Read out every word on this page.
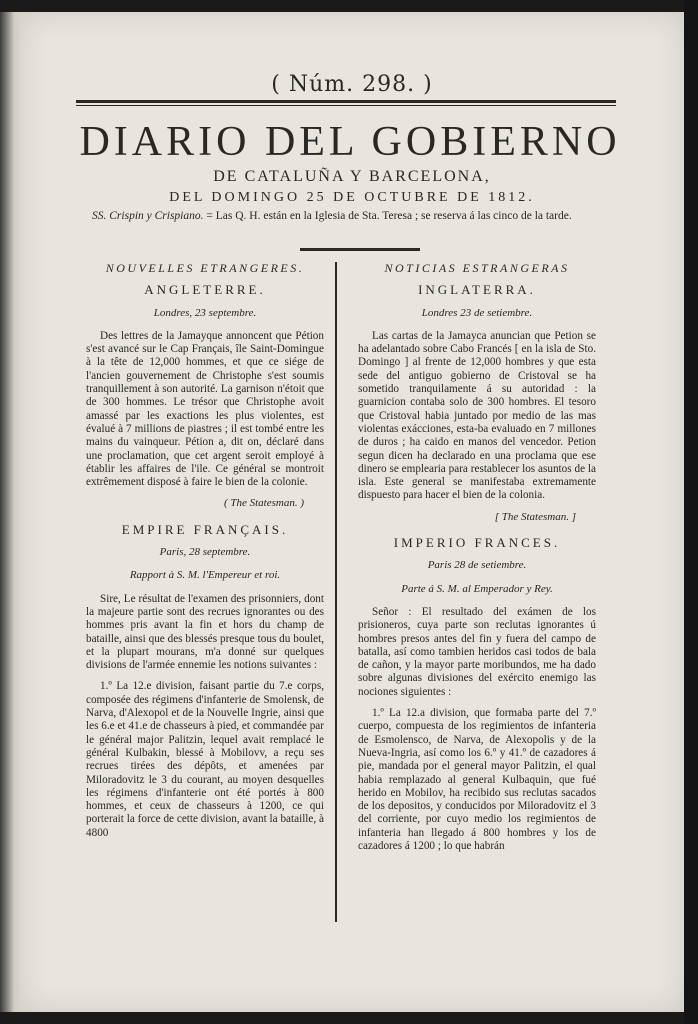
( Núm. 298. )
DIARIO DEL GOBIERNO
DE CATALUÑA Y BARCELONA,
DEL DOMINGO 25 DE OCTUBRE DE 1812.
SS. Crispin y Crispiano. = Las Q. H. están en la Iglesia de Sta. Teresa ; se reserva á las cinco de la tarde.
NOUVELLES ETRANGERES.
ANGLETERRE.
Londres, 23 septembre.

Des lettres de la Jamayque annoncent que Pétion s'est avancé sur le Cap Français, île Saint-Domingue à la tête de 12,000 hommes, et que ce siége de l'ancien gouvernement de Christophe s'est soumis tranquillement à son autorité. La garnison n'étoit que de 300 hommes. Le trésor que Christophe avoit amassé par les exactions les plus violentes, est évalué à 7 millions de piastres ; il est tombé entre les mains du vainqueur. Pétion a, dit on, déclaré dans une proclamation, que cet argent seroit employé à établir les affaires de l'ile. Ce général se montroit extrêmement disposé à faire le bien de la colonie.

( The Statesman. )
EMPIRE FRANÇAIS.
Paris, 28 septembre.
Rapport à S. M. l'Empereur et roi.

Sire, Le résultat de l'examen des prisonniers, dont la majeure partie sont des recrues ignorantes ou des hommes pris avant la fin et hors du champ de bataille, ainsi que des blessés presque tous du boulet, et la plupart mourans, m'a donné sur quelques divisions de l'armée ennemie les notions suivantes :

1.º La 12.e division, faisant partie du 7.e corps, composée des régimens d'infanterie de Smolensk, de Narva, d'Alexopol et de la Nouvelle Ingrie, ainsi que les 6.e et 41.e de chasseurs à pied, et commandée par le général major Palitzin, lequel avait remplacé le général Kulbakin, blessé à Mobilovv, a reçu ses recrues tirées des dépôts, et amenées par Miloradovitz le 3 du courant, au moyen desquelles les régimens d'infanterie ont été portés à 800 hommes, et ceux de chasseurs à 1200, ce qui porterait la force de cette division, avant la bataille, à 4800

NOTICIAS ESTRANGERAS
INGLATERRA.
Londres 23 de setiembre.

Las cartas de la Jamayca anuncian que Petion se ha adelantado sobre Cabo Francés [ en la isla de Sto. Domingo ] al frente de 12,000 hombres y que esta sede del antiguo gobierno de Cristoval se ha sometido tranquilamente á su autoridad : la guarnicion contaba solo de 300 hombres. El tesoro que Cristoval habia juntado por medio de las mas violentas exácciones, esta-ba evaluado en 7 millones de duros ; ha caido en manos del vencedor. Petion segun dicen ha declarado en una proclama que ese dinero se emplearia para restablecer los asuntos de la isla. Este general se manifestaba extremamente dispuesto para hacer el bien de la colonia.

[ The Statesman. ]
IMPERIO FRANCES.
Paris 28 de setiembre.
Parte á S. M. al Emperador y Rey.

Señor : El resultado del exámen de los prisioneros, cuya parte son reclutas ignorantes ú hombres presos antes del fin y fuera del campo de batalla, así como tambien heridos casi todos de bala de cañon, y la mayor parte moribundos, me ha dado sobre algunas divisiones del exército enemigo las nociones siguientes :

1.º La 12.a division, que formaba parte del 7.º cuerpo, compuesta de los regimientos de infanteria de Esmolensco, de Narva, de Alexopolis y de la Nueva-Ingria, así como los 6.º y 41.º de cazadores á pie, mandada por el general mayor Palitzin, el qual habia remplazado al general Kulbaquin, que fué herido en Mobilov, ha recibido sus reclutas sacados de los depositos, y conducidos por Miloradovitz el 3 del corriente, por cuyo medio los regimientos de infanteria han llegado á 800 hombres y los de cazadores á 1200 ; lo que habrán
